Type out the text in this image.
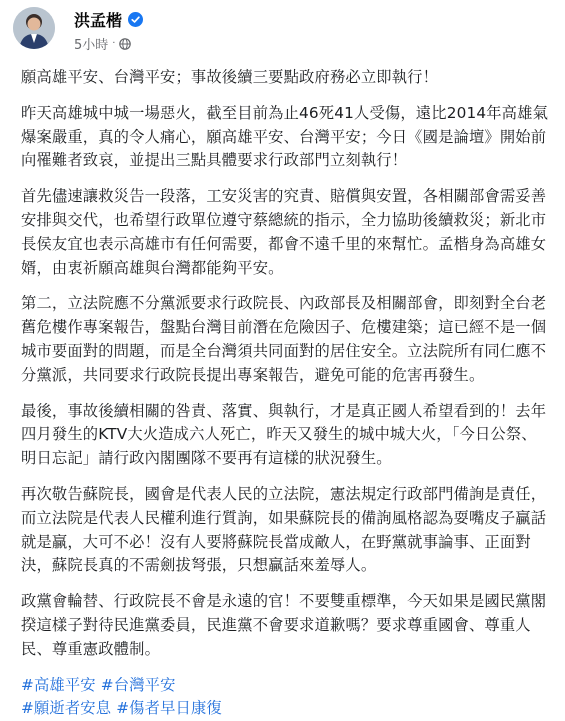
洪孟楷
5小時 ·

願高雄平安、台灣平安；事故後續三要點政府務必立即執行！

昨天高雄城中城一場惡火，截至目前為止46死41人受傷，遠比2014年高雄氣爆案嚴重，真的令人痛心，願高雄平安、台灣平安；今日《國是論壇》開始前向罹難者致哀，並提出三點具體要求行政部門立刻執行！

首先儘速讓救災告一段落，工安災害的究責、賠償與安置，各相關部會需妥善安排與交代，也希望行政單位遵守蔡總統的指示，全力協助後續救災；新北市長侯友宜也表示高雄市有任何需要，都會不遠千里的來幫忙。孟楷身為高雄女婿，由衷祈願高雄與台灣都能夠平安。

第二，立法院應不分黨派要求行政院長、內政部長及相關部會，即刻對全台老舊危樓作專案報告，盤點台灣目前潛在危險因子、危樓建築；這已經不是一個城市要面對的問題，而是全台灣須共同面對的居住安全。立法院所有同仁應不分黨派，共同要求行政院長提出專案報告，避免可能的危害再發生。

最後，事故後續相關的咎責、落實、與執行，才是真正國人希望看到的！去年四月發生的KTV大火造成六人死亡，昨天又發生的城中城大火，「今日公祭、明日忘記」請行政內閣團隊不要再有這樣的狀況發生。

再次敬告蘇院長，國會是代表人民的立法院，憲法規定行政部門備詢是責任，而立法院是代表人民權利進行質詢，如果蘇院長的備詢風格認為耍嘴皮子贏話就是贏，大可不必！沒有人要將蘇院長當成敵人，在野黨就事論事、正面對決，蘇院長真的不需劍拔弩張，只想贏話來羞辱人。

政黨會輪替、行政院長不會是永遠的官！不要雙重標準，今天如果是國民黨閣揆這樣子對待民進黨委員，民進黨不會要求道歉嗎？要求尊重國會、尊重人民、尊重憲政體制。

#高雄平安 #台灣平安
#願逝者安息 #傷者早日康復
